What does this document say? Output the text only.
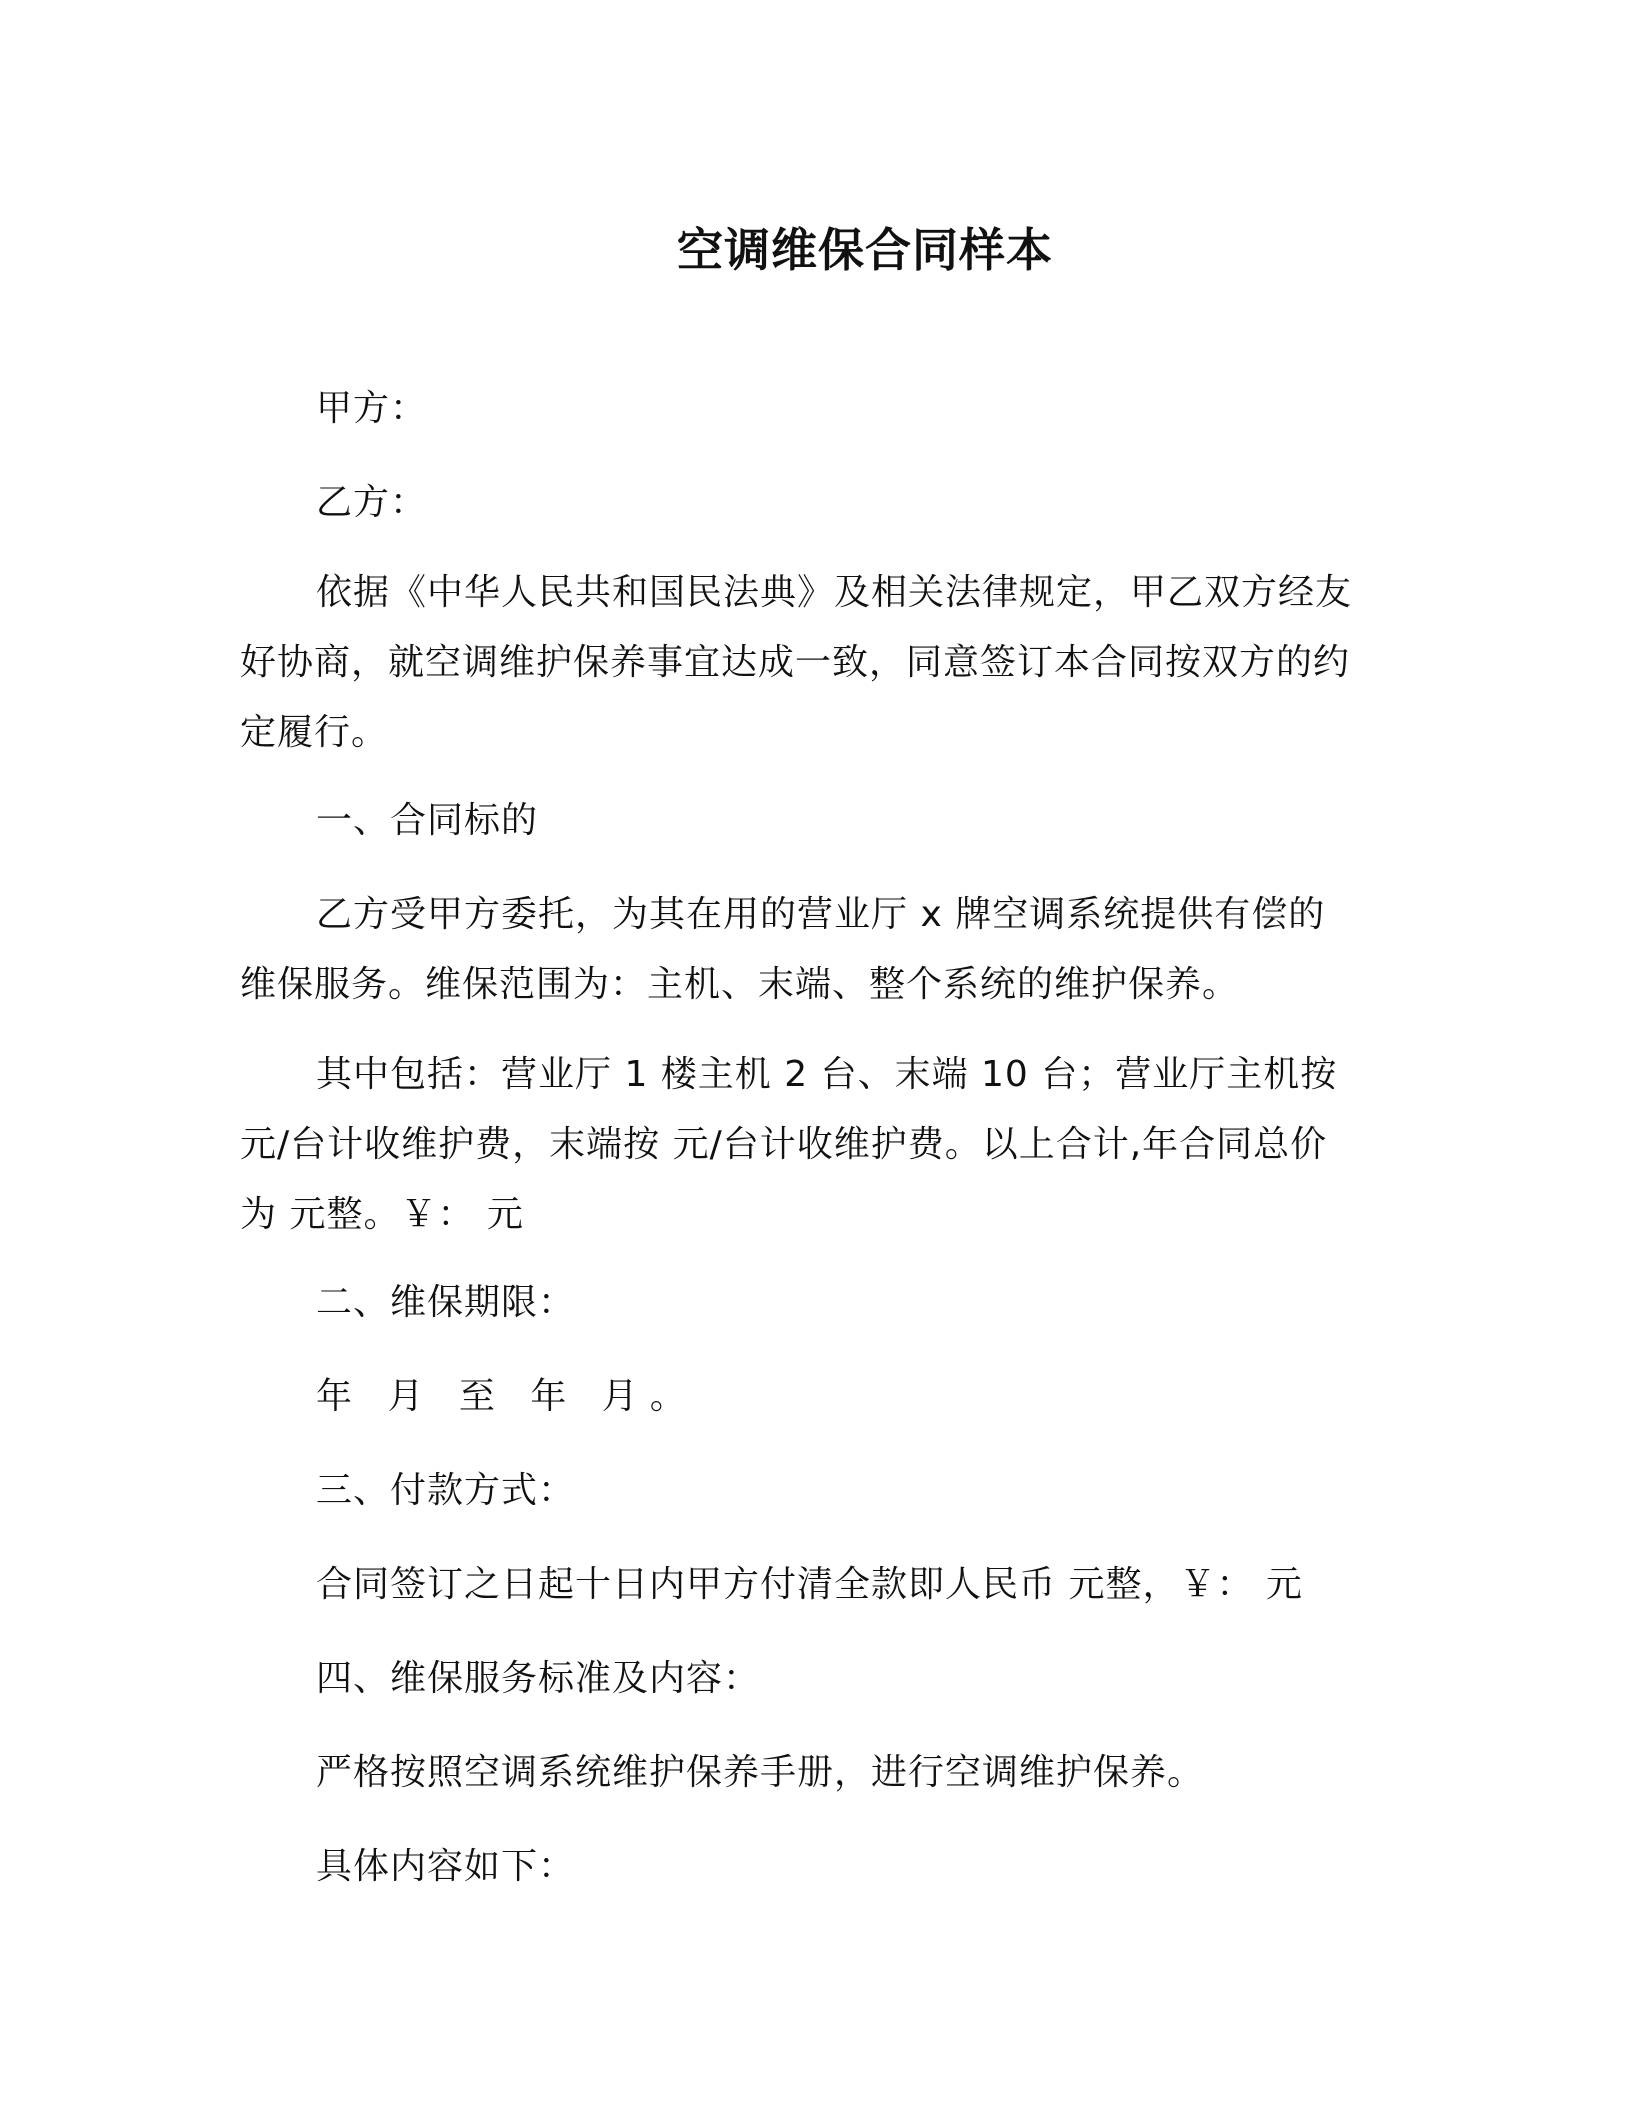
空调维保合同样本
甲方：
乙方：
依据《中华人民共和国民法典》及相关法律规定，甲乙双方经友好协商，就空调维护保养事宜达成一致，同意签订本合同按双方的约定履行。
一、合同标的
乙方受甲方委托，为其在用的营业厅 x 牌空调系统提供有偿的维保服务。维保范围为：主机、末端、整个系统的维护保养。
其中包括：营业厅 1 楼主机 2 台、末端 10 台；营业厅主机按 元/台计收维护费，末端按 元/台计收维护费。以上合计,年合同总价为 元整。￥： 元
二、维保期限：
年 月 至 年 月。
三、付款方式：
合同签订之日起十日内甲方付清全款即人民币 元整，￥： 元
四、维保服务标准及内容：
严格按照空调系统维护保养手册，进行空调维护保养。
具体内容如下：
